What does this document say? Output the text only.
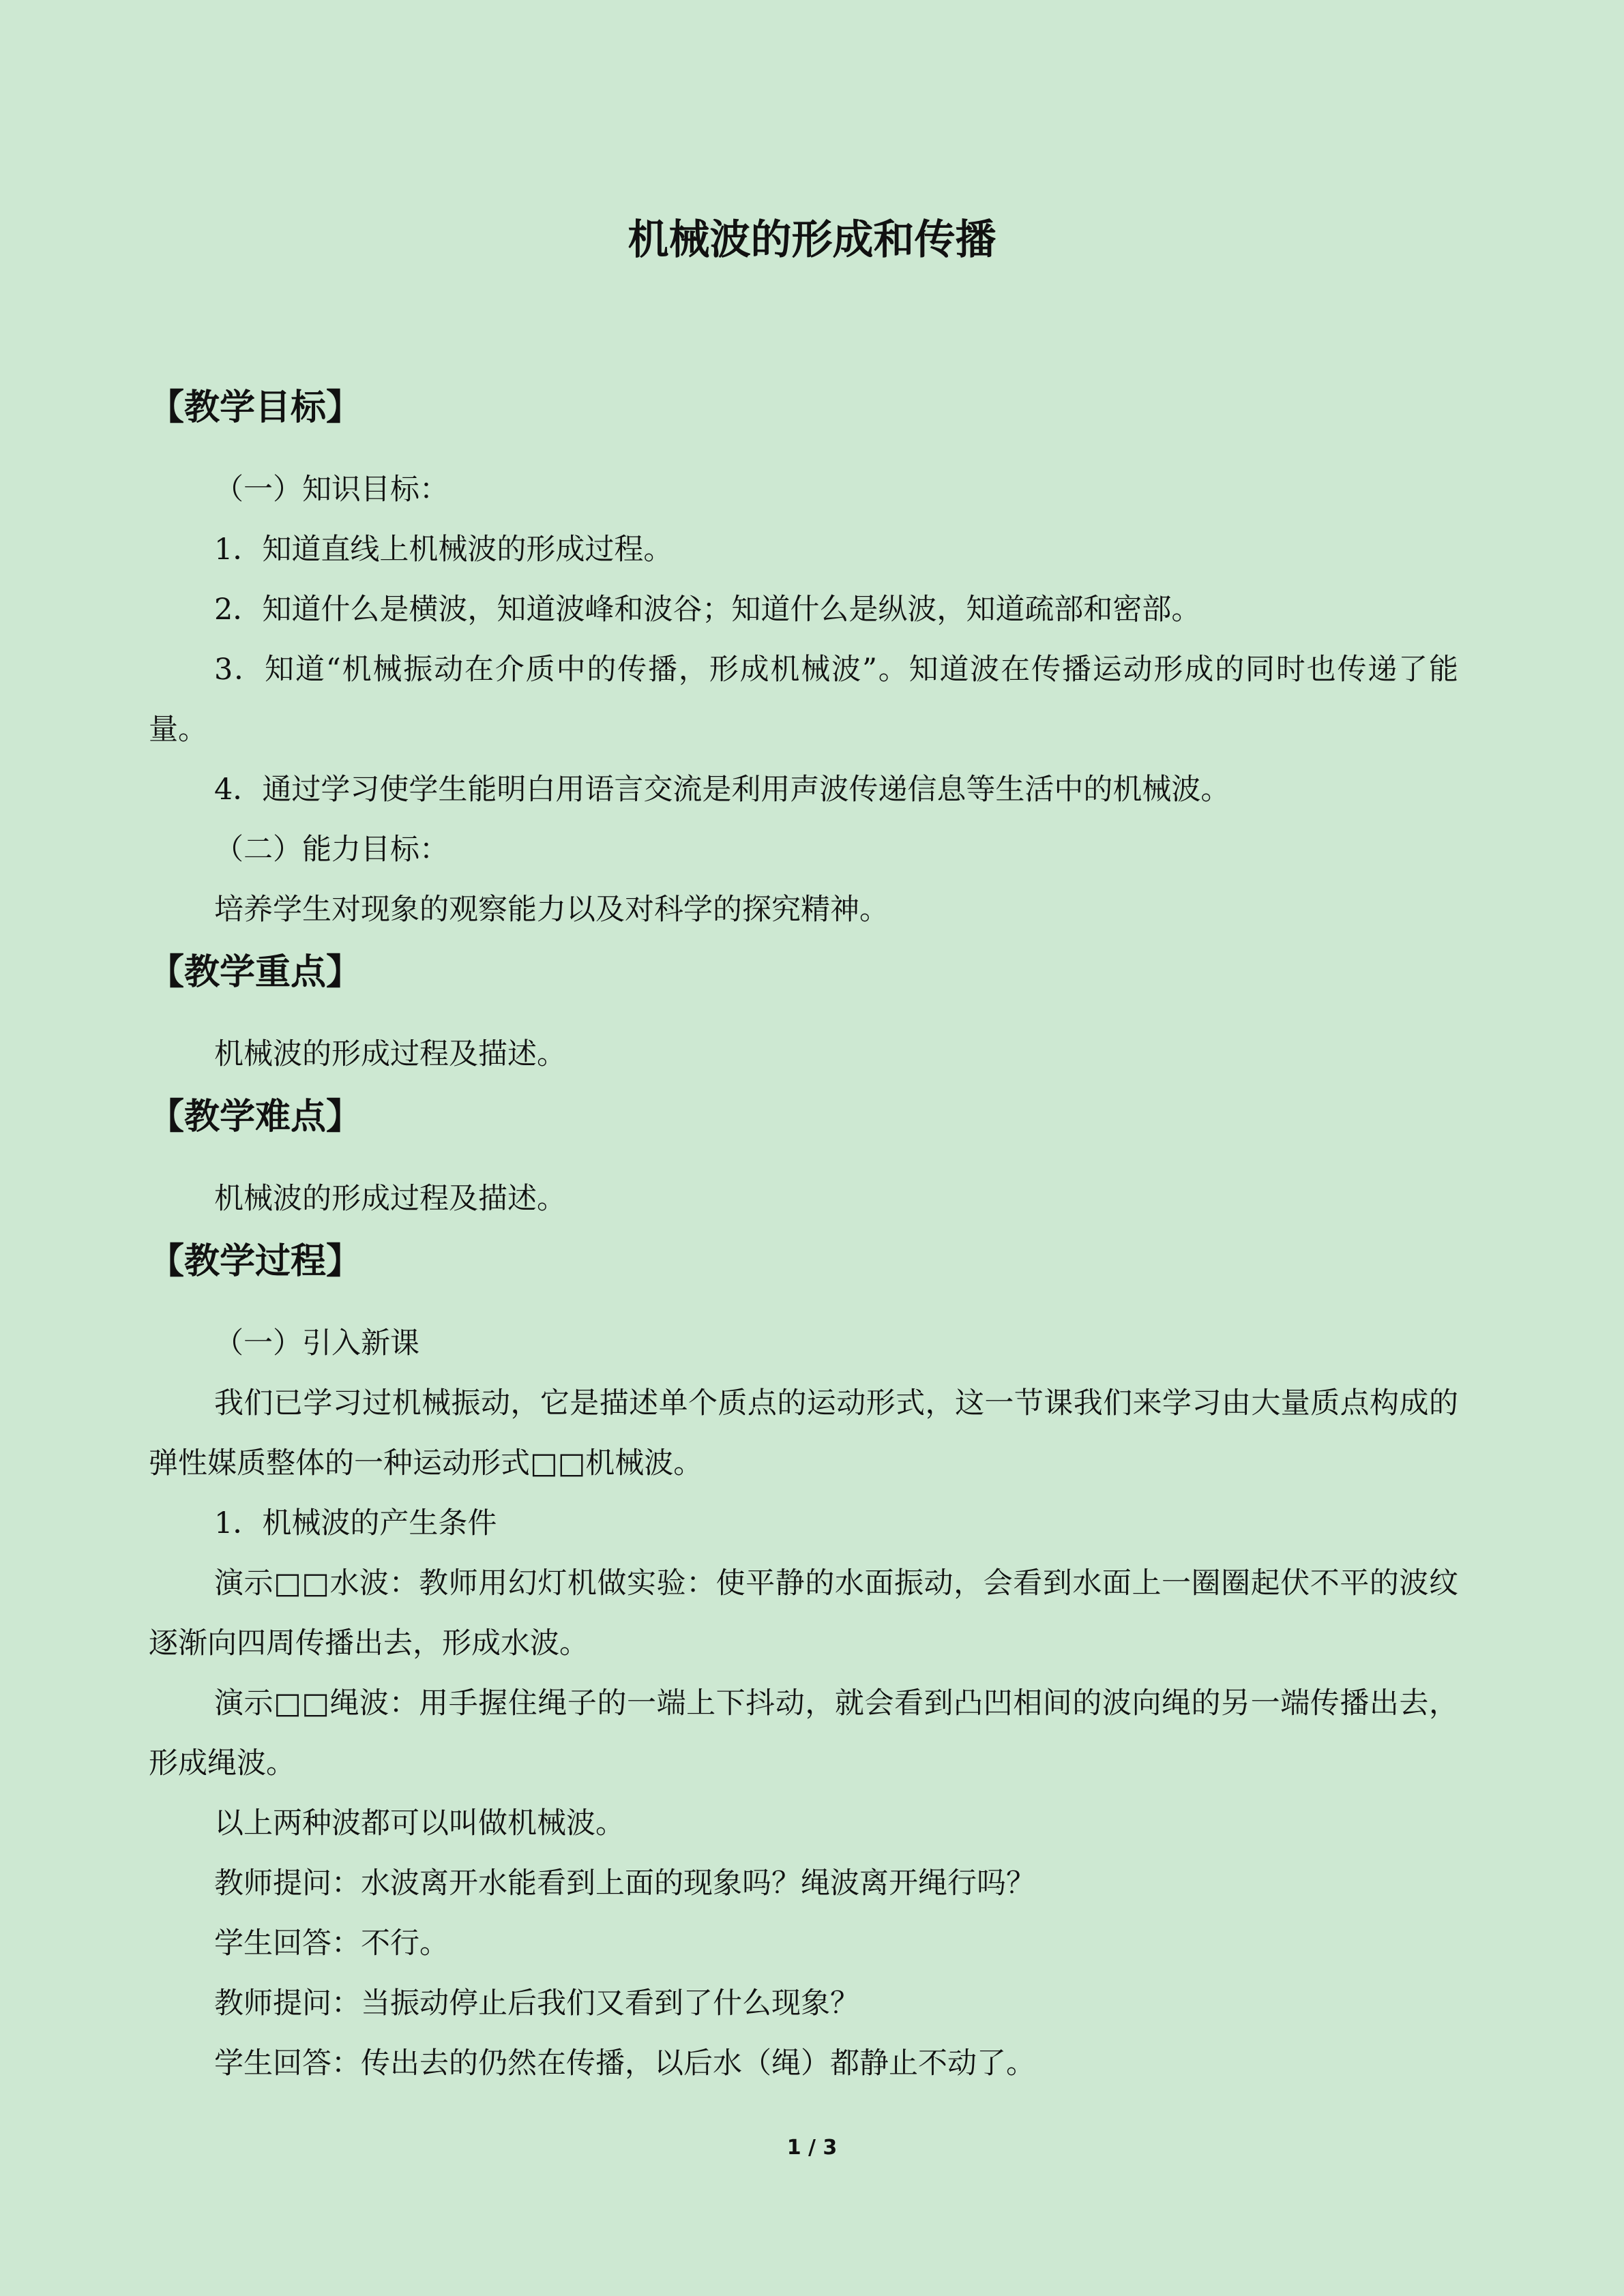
机械波的形成和传播
【教学目标】

（一）知识目标：

1．知道直线上机械波的形成过程。

2．知道什么是横波，知道波峰和波谷；知道什么是纵波，知道疏部和密部。

3．知道“机械振动在介质中的传播，形成机械波”。知道波在传播运动形成的同时也传递了能量。

4．通过学习使学生能明白用语言交流是利用声波传递信息等生活中的机械波。

（二）能力目标：

培养学生对现象的观察能力以及对科学的探究精神。

【教学重点】

机械波的形成过程及描述。

【教学难点】

机械波的形成过程及描述。

【教学过程】

（一）引入新课

我们已学习过机械振动，它是描述单个质点的运动形式，这一节课我们来学习由大量质点构成的弹性媒质整体的一种运动形式□□机械波。

1．机械波的产生条件

演示□□水波：教师用幻灯机做实验：使平静的水面振动，会看到水面上一圈圈起伏不平的波纹逐渐向四周传播出去，形成水波。

演示□□绳波：用手握住绳子的一端上下抖动，就会看到凸凹相间的波向绳的另一端传播出去，形成绳波。

以上两种波都可以叫做机械波。

教师提问：水波离开水能看到上面的现象吗？绳波离开绳行吗？

学生回答：不行。

教师提问：当振动停止后我们又看到了什么现象？

学生回答：传出去的仍然在传播，以后水（绳）都静止不动了。

1 / 3
